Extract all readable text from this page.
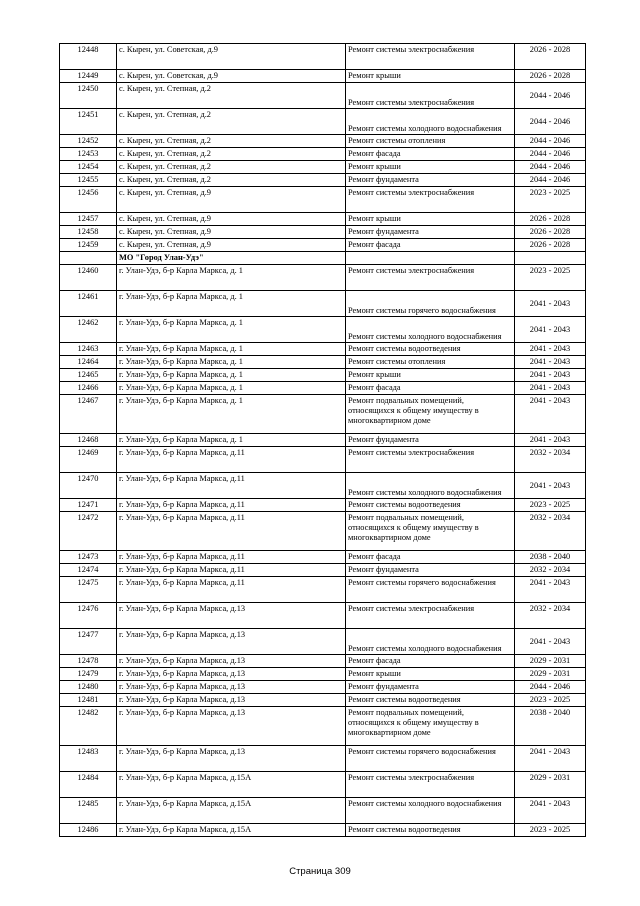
12448	с. Кырен, ул. Советская, д.9	Ремонт системы электроснабжения	2026 - 2028
12449	с. Кырен, ул. Советская, д.9	Ремонт крыши	2026 - 2028
12450	с. Кырен, ул. Степная, д.2	Ремонт системы электроснабжения	2044 - 2046
12451	с. Кырен, ул. Степная, д.2	Ремонт системы холодного водоснабжения	2044 - 2046
12452	с. Кырен, ул. Степная, д.2	Ремонт системы отопления	2044 - 2046
12453	с. Кырен, ул. Степная, д.2	Ремонт фасада	2044 - 2046
12454	с. Кырен, ул. Степная, д.2	Ремонт крыши	2044 - 2046
12455	с. Кырен, ул. Степная, д.2	Ремонт фундамента	2044 - 2046
12456	с. Кырен, ул. Степная, д.9	Ремонт системы электроснабжения	2023 - 2025
12457	с. Кырен, ул. Степная, д.9	Ремонт крыши	2026 - 2028
12458	с. Кырен, ул. Степная, д.9	Ремонт фундамента	2026 - 2028
12459	с. Кырен, ул. Степная, д.9	Ремонт фасада	2026 - 2028
	МО "Город Улан-Удэ"		
12460	г. Улан-Удэ, б-р Карла Маркса, д. 1	Ремонт системы электроснабжения	2023 - 2025
12461	г. Улан-Удэ, б-р Карла Маркса, д. 1	Ремонт системы горячего водоснабжения	2041 - 2043
12462	г. Улан-Удэ, б-р Карла Маркса, д. 1	Ремонт системы холодного водоснабжения	2041 - 2043
12463	г. Улан-Удэ, б-р Карла Маркса, д. 1	Ремонт системы водоотведения	2041 - 2043
12464	г. Улан-Удэ, б-р Карла Маркса, д. 1	Ремонт системы отопления	2041 - 2043
12465	г. Улан-Удэ, б-р Карла Маркса, д. 1	Ремонт крыши	2041 - 2043
12466	г. Улан-Удэ, б-р Карла Маркса, д. 1	Ремонт фасада	2041 - 2043
12467	г. Улан-Удэ, б-р Карла Маркса, д. 1	Ремонт подвальных помещений, относящихся к общему имуществу в многоквартирном доме	2041 - 2043
12468	г. Улан-Удэ, б-р Карла Маркса, д. 1	Ремонт фундамента	2041 - 2043
12469	г. Улан-Удэ, б-р Карла Маркса, д.11	Ремонт системы электроснабжения	2032 - 2034
12470	г. Улан-Удэ, б-р Карла Маркса, д.11	Ремонт системы холодного водоснабжения	2041 - 2043
12471	г. Улан-Удэ, б-р Карла Маркса, д.11	Ремонт системы водоотведения	2023 - 2025
12472	г. Улан-Удэ, б-р Карла Маркса, д.11	Ремонт подвальных помещений, относящихся к общему имуществу в многоквартирном доме	2032 - 2034
12473	г. Улан-Удэ, б-р Карла Маркса, д.11	Ремонт фасада	2038 - 2040
12474	г. Улан-Удэ, б-р Карла Маркса, д.11	Ремонт фундамента	2032 - 2034
12475	г. Улан-Удэ, б-р Карла Маркса, д.11	Ремонт системы горячего водоснабжения	2041 - 2043
12476	г. Улан-Удэ, б-р Карла Маркса, д.13	Ремонт системы электроснабжения	2032 - 2034
12477	г. Улан-Удэ, б-р Карла Маркса, д.13	Ремонт системы холодного водоснабжения	2041 - 2043
12478	г. Улан-Удэ, б-р Карла Маркса, д.13	Ремонт фасада	2029 - 2031
12479	г. Улан-Удэ, б-р Карла Маркса, д.13	Ремонт крыши	2029 - 2031
12480	г. Улан-Удэ, б-р Карла Маркса, д.13	Ремонт фундамента	2044 - 2046
12481	г. Улан-Удэ, б-р Карла Маркса, д.13	Ремонт системы водоотведения	2023 - 2025
12482	г. Улан-Удэ, б-р Карла Маркса, д.13	Ремонт подвальных помещений, относящихся к общему имуществу в многоквартирном доме	2038 - 2040
12483	г. Улан-Удэ, б-р Карла Маркса, д.13	Ремонт системы горячего водоснабжения	2041 - 2043
12484	г. Улан-Удэ, б-р Карла Маркса, д.15А	Ремонт системы электроснабжения	2029 - 2031
12485	г. Улан-Удэ, б-р Карла Маркса, д.15А	Ремонт системы холодного водоснабжения	2041 - 2043
12486	г. Улан-Удэ, б-р Карла Маркса, д.15А	Ремонт системы водоотведения	2023 - 2025
Страница 309
